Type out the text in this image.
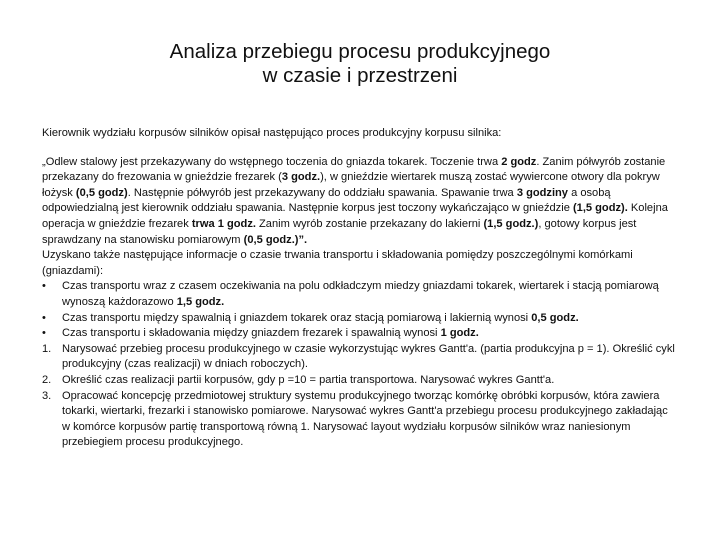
Analiza przebiegu procesu produkcyjnego
w czasie i przestrzeni

Kierownik wydziału korpusów silników opisał następująco proces produkcyjny korpusu silnika:

„Odlew stalowy jest przekazywany do wstępnego toczenia do gniazda tokarek. Toczenie trwa 2 godz. Zanim półwyrób zostanie przekazany do frezowania w gnieździe frezarek (3 godz.), w gnieździe wiertarek muszą zostać wywiercone otwory dla pokryw łożysk (0,5 godz). Następnie półwyrób jest przekazywany do oddziału spawania. Spawanie trwa 3 godziny a osobą odpowiedzialną jest kierownik oddziału spawania. Następnie korpus jest toczony wykańczająco w gnieździe (1,5 godz). Kolejna operacja w gnieździe frezarek trwa 1 godz. Zanim wyrób zostanie przekazany do lakierni (1,5 godz.), gotowy korpus jest sprawdzany na stanowisku pomiarowym (0,5 godz.)”.

Uzyskano także następujące informacje o czasie trwania transportu i składowania pomiędzy poszczególnymi komórkami (gniazdami):

•	Czas transportu wraz z czasem oczekiwania na polu odkładczym miedzy gniazdami tokarek, wiertarek i stacją pomiarową wynoszą każdorazowo 1,5 godz.
•	Czas transportu między spawalnią i gniazdem tokarek oraz stacją pomiarową i lakiernią wynosi 0,5 godz.
•	Czas transportu i składowania między gniazdem frezarek i spawalnią wynosi 1 godz.
1. Narysować przebieg procesu produkcyjnego w czasie wykorzystując wykres Gantt'a. (partia produkcyjna p = 1). Określić cykl produkcyjny (czas realizacji) w dniach roboczych).
2. Określić czas realizacji partii korpusów, gdy p =10 = partia transportowa. Narysować wykres Gantt'a.
3. Opracować koncepcję przedmiotowej struktury systemu produkcyjnego tworząc komórkę obróbki korpusów, która zawiera tokarki, wiertarki, frezarki i stanowisko pomiarowe. Narysować wykres Gantt'a przebiegu procesu produkcyjnego zakładając w komórce korpusów partię transportową równą 1. Narysować layout wydziału korpusów silników wraz naniesionym przebiegiem procesu produkcyjnego.
